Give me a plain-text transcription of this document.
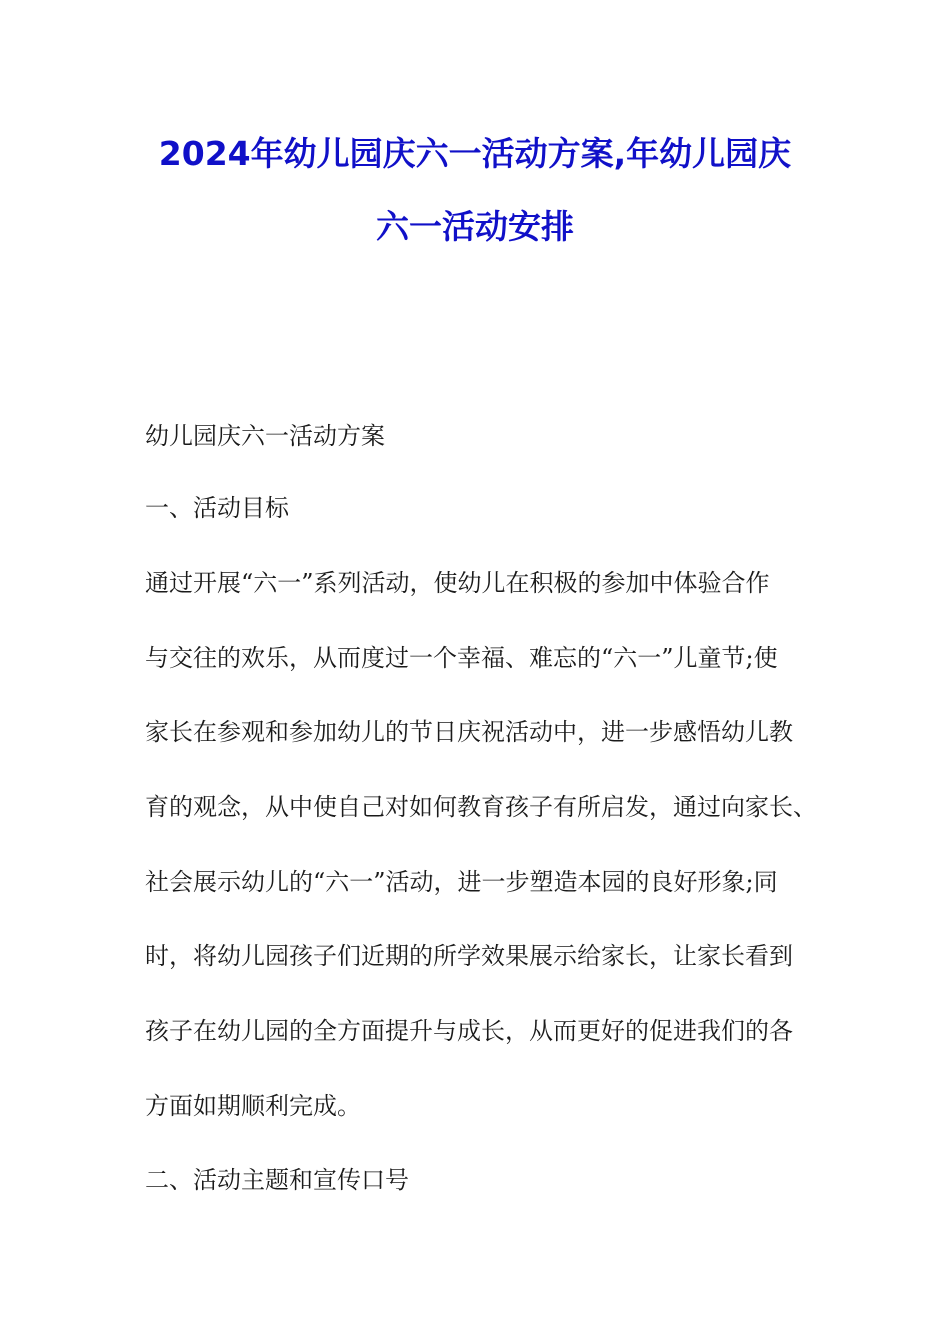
2024年幼儿园庆六一活动方案,年幼儿园庆
六一活动安排

幼儿园庆六一活动方案

一、活动目标

通过开展“六一”系列活动，使幼儿在积极的参加中体验合作

与交往的欢乐，从而度过一个幸福、难忘的“六一”儿童节;使

家长在参观和参加幼儿的节日庆祝活动中，进一步感悟幼儿教

育的观念，从中使自己对如何教育孩子有所启发，通过向家长、

社会展示幼儿的“六一”活动，进一步塑造本园的良好形象;同

时，将幼儿园孩子们近期的所学效果展示给家长，让家长看到

孩子在幼儿园的全方面提升与成长，从而更好的促进我们的各

方面如期顺利完成。

二、活动主题和宣传口号
